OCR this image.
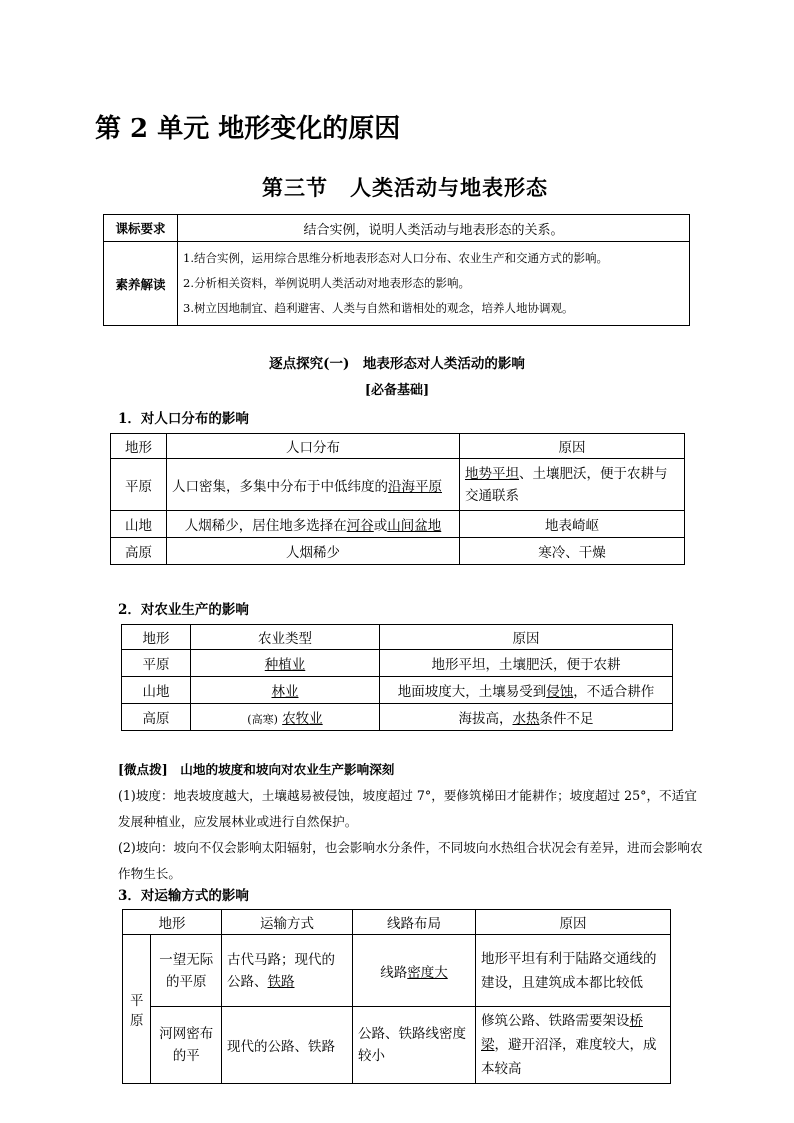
第 2 单元 地形变化的原因
第三节　人类活动与地表形态
课标要求	结合实例，说明人类活动与地表形态的关系。
素养解读	1.结合实例，运用综合思维分析地表形态对人口分布、农业生产和交通方式的影响。
2.分析相关资料，举例说明人类活动对地表形态的影响。
3.树立因地制宜、趋利避害、人类与自然和谐相处的观念，培养人地协调观。
逐点探究(一)　地表形态对人类活动的影响
[必备基础]
1．对人口分布的影响
地形	人口分布	原因
平原	人口密集，多集中分布于中低纬度的沿海平原	地势平坦、土壤肥沃，便于农耕与交通联系
山地	人烟稀少，居住地多选择在河谷或山间盆地	地表崎岖
高原	人烟稀少	寒冷、干燥
2．对农业生产的影响
地形	农业类型	原因
平原	种植业	地形平坦，土壤肥沃，便于农耕
山地	林业	地面坡度大，土壤易受到侵蚀，不适合耕作
高原	(高寒) 农牧业	海拔高，水热条件不足

[微点拨]　山地的坡度和坡向对农业生产影响深刻

(1)坡度：地表坡度越大，土壤越易被侵蚀，坡度超过 7°，要修筑梯田才能耕作；坡度超过 25°，不适宜发展种植业，应发展林业或进行自然保护。

(2)坡向：坡向不仅会影响太阳辐射，也会影响水分条件，不同坡向水热组合状况会有差异，进而会影响农作物生长。

3．对运输方式的影响
地形		运输方式	线路布局	原因
平原	一望无际的平原	古代马路；现代的公路、铁路	线路密度大	地形平坦有利于陆路交通线的建设，且建筑成本都比较低
	河网密布的平	现代的公路、铁路	公路、铁路线密度较小	修筑公路、铁路需要架设桥梁，避开沼泽，难度较大，成本较高
